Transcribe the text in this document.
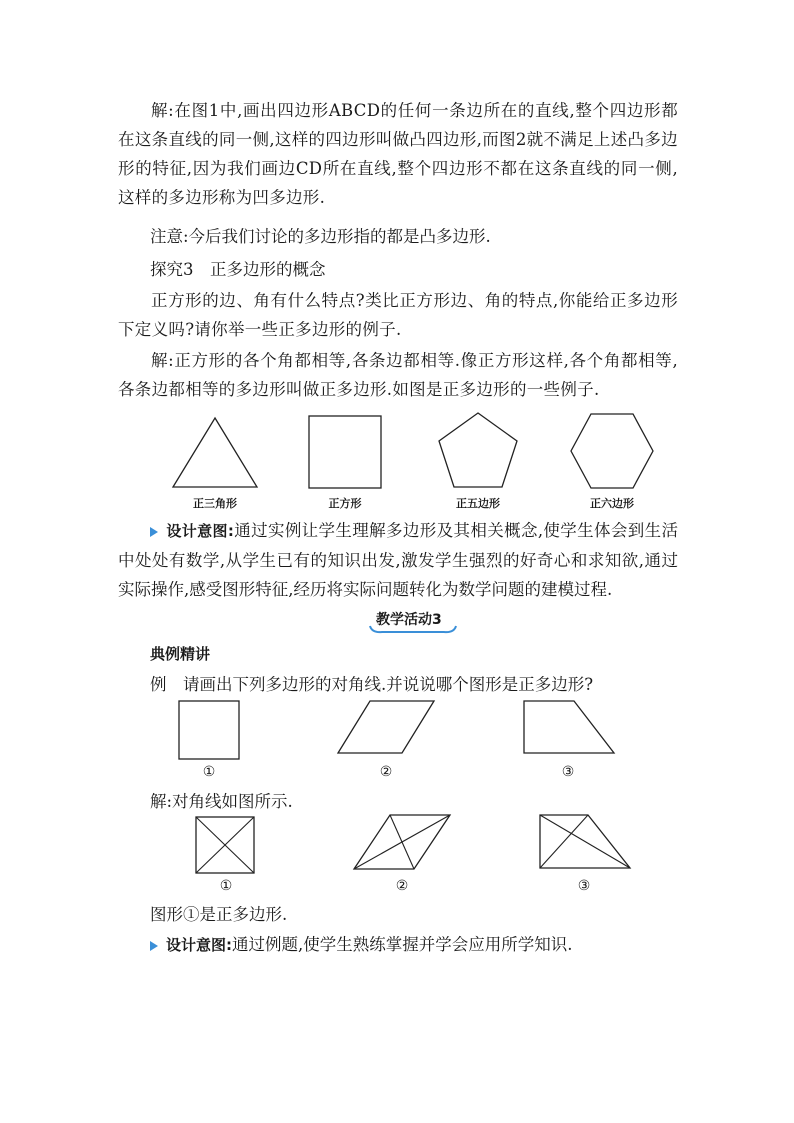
解:在图1中,画出四边形ABCD的任何一条边所在的直线,整个四边形都在这条直线的同一侧,这样的四边形叫做凸四边形,而图2就不满足上述凸多边形的特征,因为我们画边CD所在直线,整个四边形不都在这条直线的同一侧,这样的多边形称为凹多边形.

注意:今后我们讨论的多边形指的都是凸多边形.

探究3　正多边形的概念

正方形的边、角有什么特点?类比正方形边、角的特点,你能给正多边形下定义吗?请你举一些正多边形的例子.

解:正方形的各个角都相等,各条边都相等.像正方形这样,各个角都相等,各条边都相等的多边形叫做正多边形.如图是正多边形的一些例子.

正三角形	正方形	正五边形	正六边形

设计意图:通过实例让学生理解多边形及其相关概念,使学生体会到生活中处处有数学,从学生已有的知识出发,激发学生强烈的好奇心和求知欲,通过实际操作,感受图形特征,经历将实际问题转化为数学问题的建模过程.

教学活动3

典例精讲

例　请画出下列多边形的对角线.并说说哪个图形是正多边形?

①	②	③

解:对角线如图所示.

①	②	③

图形①是正多边形.

设计意图:通过例题,使学生熟练掌握并学会应用所学知识.
